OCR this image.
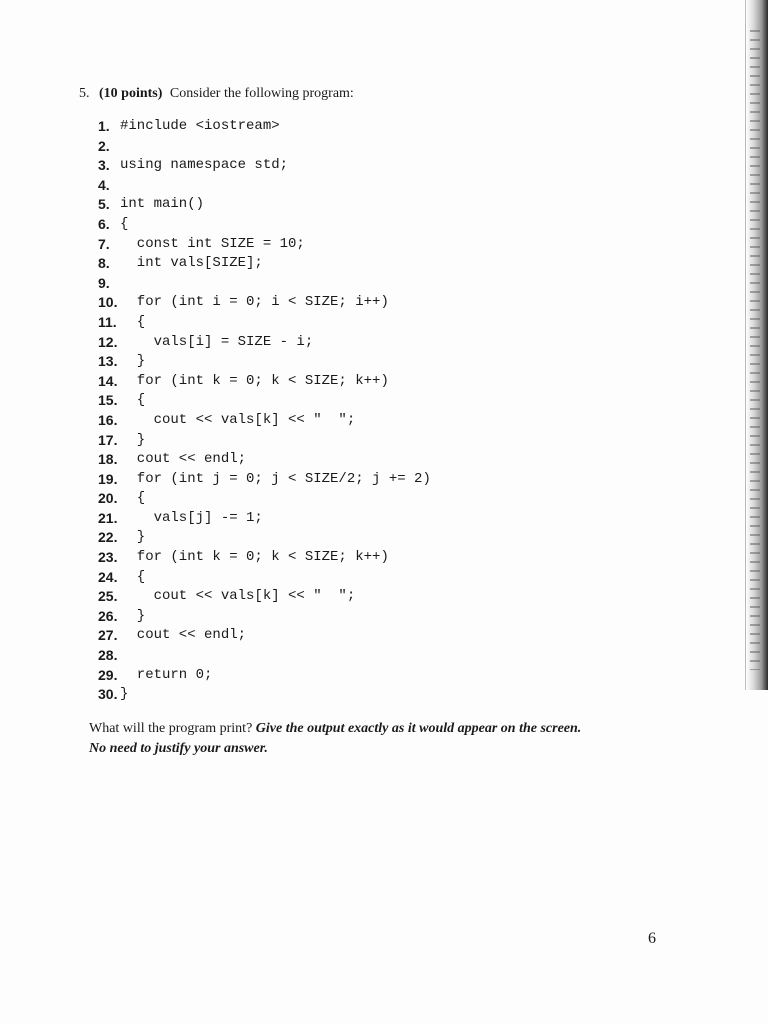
5. (10 points) Consider the following program:
1. #include <iostream>
2.
3. using namespace std;
4.
5. int main()
6. {
7. const int SIZE = 10;
8. int vals[SIZE];
9.
10. for (int i = 0; i < SIZE; i++)
11. {
12. vals[i] = SIZE - i;
13. }
14. for (int k = 0; k < SIZE; k++)
15. {
16. cout << vals[k] << "  ";
17. }
18. cout << endl;
19. for (int j = 0; j < SIZE/2; j += 2)
20. {
21. vals[j] -= 1;
22. }
23. for (int k = 0; k < SIZE; k++)
24. {
25. cout << vals[k] << "  ";
26. }
27. cout << endl;
28.
29. return 0;
30. }
What will the program print? Give the output exactly as it would appear on the screen.
No need to justify your answer.
6
